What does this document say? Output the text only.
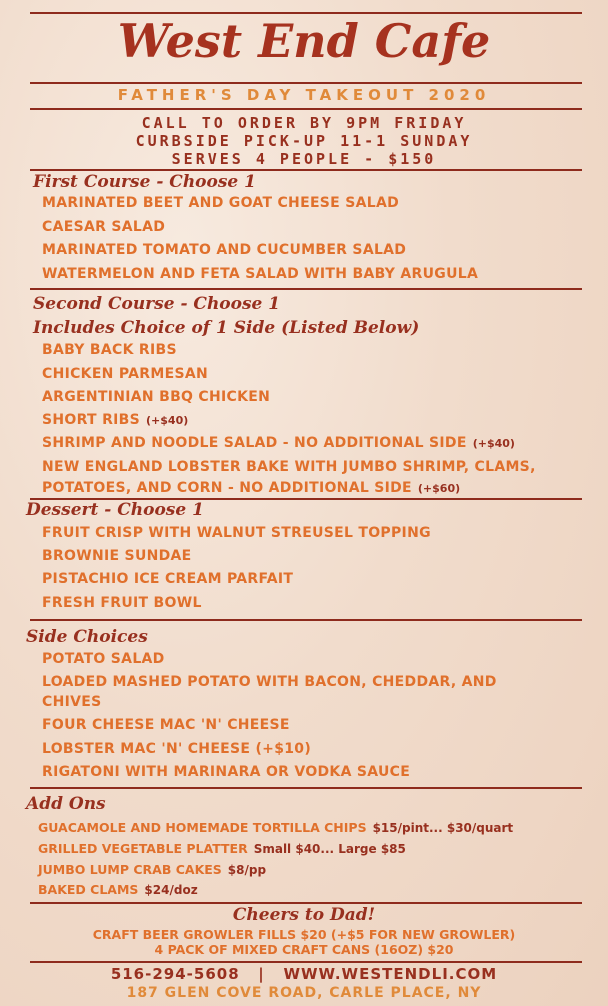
West End Cafe
FATHER'S DAY TAKEOUT 2020
CALL TO ORDER BY 9PM FRIDAY
CURBSIDE PICK-UP 11-1 SUNDAY
SERVES 4 PEOPLE - $150
First Course - Choose 1
MARINATED BEET AND GOAT CHEESE SALAD
CAESAR SALAD
MARINATED TOMATO AND CUCUMBER SALAD
WATERMELON AND FETA SALAD WITH BABY ARUGULA
Second Course - Choose 1
Includes Choice of 1 Side (Listed Below)
BABY BACK RIBS
CHICKEN PARMESAN
ARGENTINIAN BBQ CHICKEN
SHORT RIBS (+$40)
SHRIMP AND NOODLE SALAD - NO ADDITIONAL SIDE (+$40)
NEW ENGLAND LOBSTER BAKE WITH JUMBO SHRIMP, CLAMS,
POTATOES, AND CORN - NO ADDITIONAL SIDE (+$60)
Dessert - Choose 1
FRUIT CRISP WITH WALNUT STREUSEL TOPPING
BROWNIE SUNDAE
PISTACHIO ICE CREAM PARFAIT
FRESH FRUIT BOWL
Side Choices
POTATO SALAD
LOADED MASHED POTATO WITH BACON, CHEDDAR, AND
CHIVES
FOUR CHEESE MAC 'N' CHEESE
LOBSTER MAC 'N' CHEESE (+$10)
RIGATONI WITH MARINARA OR VODKA SAUCE
Add Ons
GUACAMOLE AND HOMEMADE TORTILLA CHIPS $15/pint... $30/quart
GRILLED VEGETABLE PLATTER Small $40... Large $85
JUMBO LUMP CRAB CAKES $8/pp
BAKED CLAMS $24/doz
Cheers to Dad!
CRAFT BEER GROWLER FILLS $20 (+$5 FOR NEW GROWLER)
4 PACK OF MIXED CRAFT CANS (16OZ) $20
516-294-5608   |   WWW.WESTENDLI.COM
187 GLEN COVE ROAD, CARLE PLACE, NY
